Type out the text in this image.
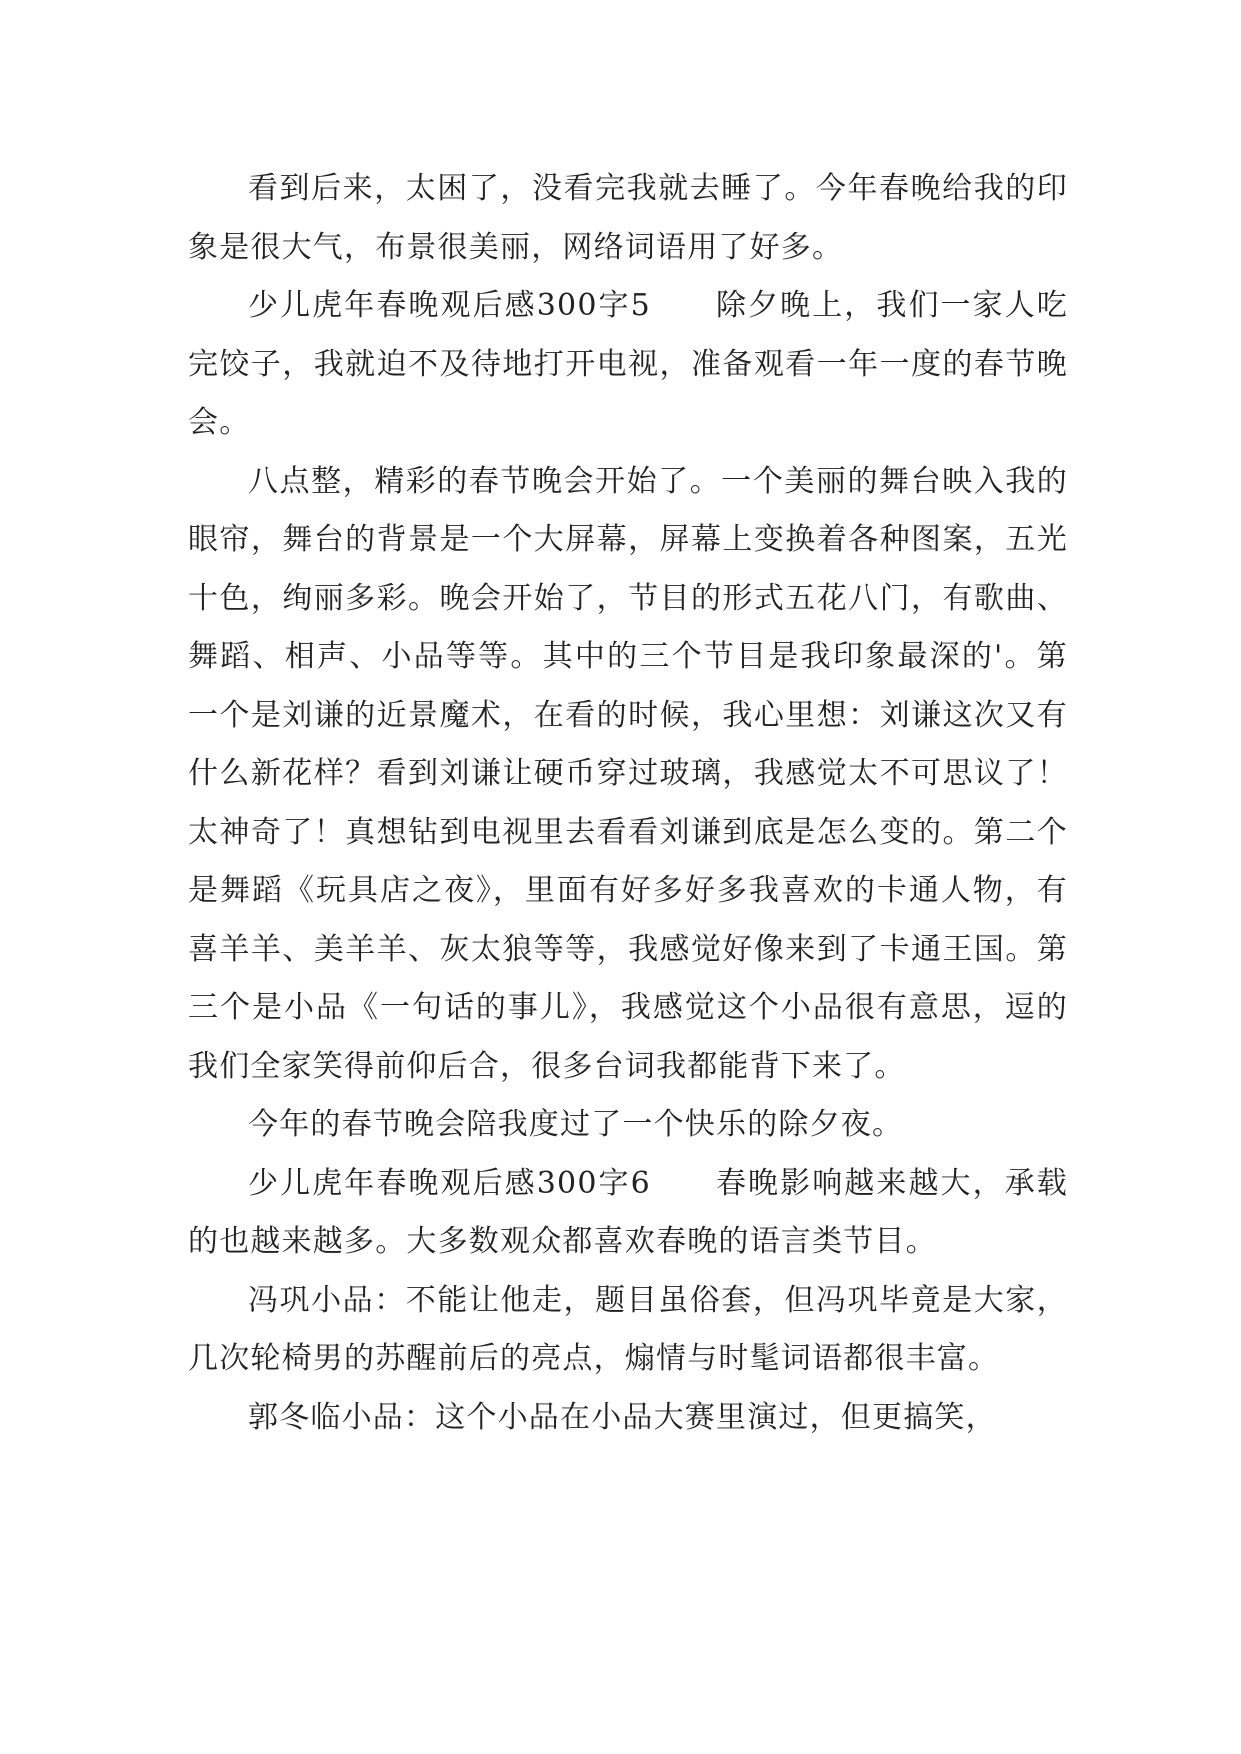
看到后来，太困了，没看完我就去睡了。今年春晚给我的印象是很大气，布景很美丽，网络词语用了好多。

少儿虎年春晚观后感300字5　　除夕晚上，我们一家人吃完饺子，我就迫不及待地打开电视，准备观看一年一度的春节晚会。

八点整，精彩的春节晚会开始了。一个美丽的舞台映入我的眼帘，舞台的背景是一个大屏幕，屏幕上变换着各种图案，五光十色，绚丽多彩。晚会开始了，节目的形式五花八门，有歌曲、舞蹈、相声、小品等等。其中的三个节目是我印象最深的'。第一个是刘谦的近景魔术，在看的时候，我心里想：刘谦这次又有什么新花样？看到刘谦让硬币穿过玻璃，我感觉太不可思议了！太神奇了！真想钻到电视里去看看刘谦到底是怎么变的。第二个是舞蹈《玩具店之夜》，里面有好多好多我喜欢的卡通人物，有喜羊羊、美羊羊、灰太狼等等，我感觉好像来到了卡通王国。第三个是小品《一句话的事儿》，我感觉这个小品很有意思，逗的我们全家笑得前仰后合，很多台词我都能背下来了。

今年的春节晚会陪我度过了一个快乐的除夕夜。

少儿虎年春晚观后感300字6　　春晚影响越来越大，承载的也越来越多。大多数观众都喜欢春晚的语言类节目。

冯巩小品：不能让他走，题目虽俗套，但冯巩毕竟是大家，几次轮椅男的苏醒前后的亮点，煽情与时髦词语都很丰富。

郭冬临小品：这个小品在小品大赛里演过，但更搞笑，
